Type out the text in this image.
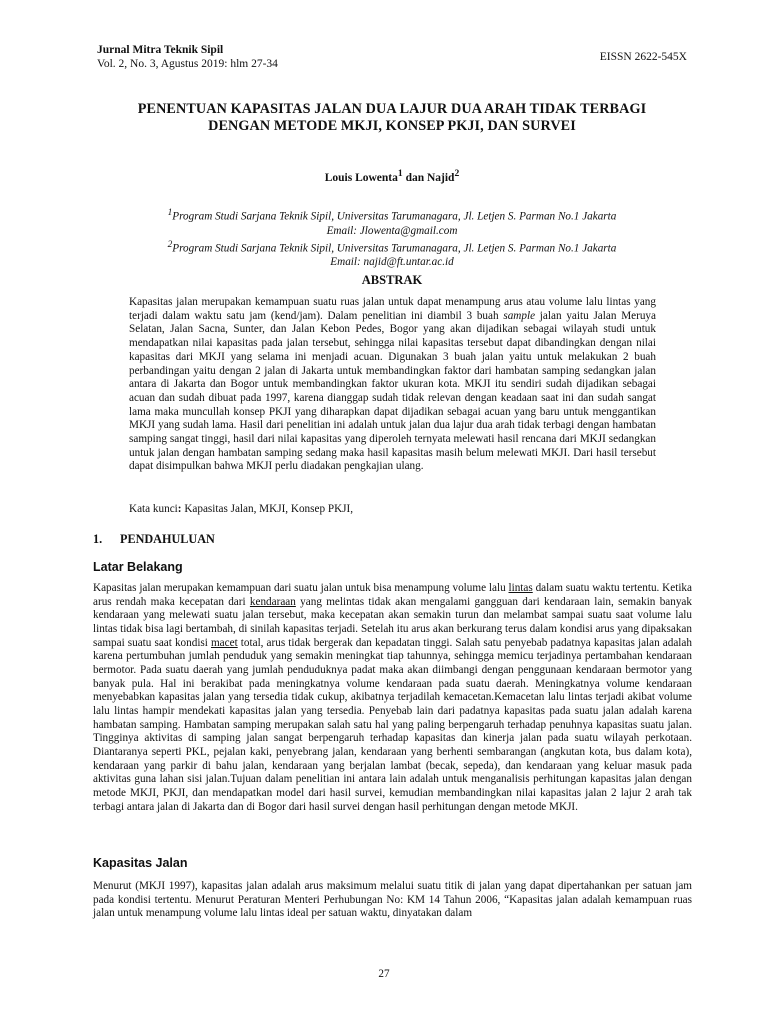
Jurnal Mitra Teknik Sipil
Vol. 2, No. 3, Agustus 2019: hlm 27-34
EISSN 2622-545X
PENENTUAN KAPASITAS JALAN DUA LAJUR DUA ARAH TIDAK TERBAGI
DENGAN METODE MKJI, KONSEP PKJI, DAN SURVEI
Louis Lowenta$^1$ dan Najid$^2$
$^1$Program Studi Sarjana Teknik Sipil, Universitas Tarumanagara, Jl. Letjen S. Parman No.1 Jakarta
Email: Jlowenta@gmail.com
$^2$Program Studi Sarjana Teknik Sipil, Universitas Tarumanagara, Jl. Letjen S. Parman No.1 Jakarta
Email: najid@ft.untar.ac.id
ABSTRAK

Kapasitas jalan merupakan kemampuan suatu ruas jalan untuk dapat menampung arus atau volume lalu lintas yang terjadi dalam waktu satu jam (kend/jam). Dalam penelitian ini diambil 3 buah sample jalan yaitu Jalan Meruya Selatan, Jalan Sacna, Sunter, dan Jalan Kebon Pedes, Bogor yang akan dijadikan sebagai wilayah studi untuk mendapatkan nilai kapasitas pada jalan tersebut, sehingga nilai kapasitas tersebut dapat dibandingkan dengan nilai kapasitas dari MKJI yang selama ini menjadi acuan. Digunakan 3 buah jalan yaitu untuk melakukan 2 buah perbandingan yaitu dengan 2 jalan di Jakarta untuk membandingkan faktor dari hambatan samping sedangkan jalan antara di Jakarta dan Bogor untuk membandingkan faktor ukuran kota. MKJI itu sendiri sudah dijadikan sebagai acuan dan sudah dibuat pada 1997, karena dianggap sudah tidak relevan dengan keadaan saat ini dan sudah sangat lama maka muncullah konsep PKJI yang diharapkan dapat dijadikan sebagai acuan yang baru untuk menggantikan MKJI yang sudah lama. Hasil dari penelitian ini adalah untuk jalan dua lajur dua arah tidak terbagi dengan hambatan samping sangat tinggi, hasil dari nilai kapasitas yang diperoleh ternyata melewati hasil rencana dari MKJI sedangkan untuk jalan dengan hambatan samping sedang maka hasil kapasitas masih belum melewati MKJI. Dari hasil tersebut dapat disimpulkan bahwa MKJI perlu diadakan pengkajian ulang.

Kata kunci: Kapasitas Jalan, MKJI, Konsep PKJI,
1. PENDAHULUAN
Latar Belakang

Kapasitas jalan merupakan kemampuan dari suatu jalan untuk bisa menampung volume lalu lintas dalam suatu waktu tertentu. Ketika arus rendah maka kecepatan dari kendaraan yang melintas tidak akan mengalami gangguan dari kendaraan lain, semakin banyak kendaraan yang melewati suatu jalan tersebut, maka kecepatan akan semakin turun dan melambat sampai suatu saat volume lalu lintas tidak bisa lagi bertambah, di sinilah kapasitas terjadi. Setelah itu arus akan berkurang terus dalam kondisi arus yang dipaksakan sampai suatu saat kondisi macet total, arus tidak bergerak dan kepadatan tinggi. Salah satu penyebab padatnya kapasitas jalan adalah karena pertumbuhan jumlah penduduk yang semakin meningkat tiap tahunnya, sehingga memicu terjadinya pertambahan kendaraan bermotor. Pada suatu daerah yang jumlah penduduknya padat maka akan diimbangi dengan penggunaan kendaraan bermotor yang banyak pula. Hal ini berakibat pada meningkatnya volume kendaraan pada suatu daerah. Meningkatnya volume kendaraan menyebabkan kapasitas jalan yang tersedia tidak cukup, akibatnya terjadilah kemacetan.Kemacetan lalu lintas terjadi akibat volume lalu lintas hampir mendekati kapasitas jalan yang tersedia. Penyebab lain dari padatnya kapasitas pada suatu jalan adalah karena hambatan samping. Hambatan samping merupakan salah satu hal yang paling berpengaruh terhadap penuhnya kapasitas suatu jalan. Tingginya aktivitas di samping jalan sangat berpengaruh terhadap kapasitas dan kinerja jalan pada suatu wilayah perkotaan. Diantaranya seperti PKL, pejalan kaki, penyebrang jalan, kendaraan yang berhenti sembarangan (angkutan kota, bus dalam kota), kendaraan yang parkir di bahu jalan, kendaraan yang berjalan lambat (becak, sepeda), dan kendaraan yang keluar masuk pada aktivitas guna lahan sisi jalan.Tujuan dalam penelitian ini antara lain adalah untuk menganalisis perhitungan kapasitas jalan dengan metode MKJI, PKJI, dan mendapatkan model dari hasil survei, kemudian membandingkan nilai kapasitas jalan 2 lajur 2 arah tak terbagi antara jalan di Jakarta dan di Bogor dari hasil survei dengan hasil perhitungan dengan metode MKJI.

Kapasitas Jalan

Menurut (MKJI 1997), kapasitas jalan adalah arus maksimum melalui suatu titik di jalan yang dapat dipertahankan per satuan jam pada kondisi tertentu. Menurut Peraturan Menteri Perhubungan No: KM 14 Tahun 2006, “Kapasitas jalan adalah kemampuan ruas jalan untuk menampung volume lalu lintas ideal per satuan waktu, dinyatakan dalam

27
